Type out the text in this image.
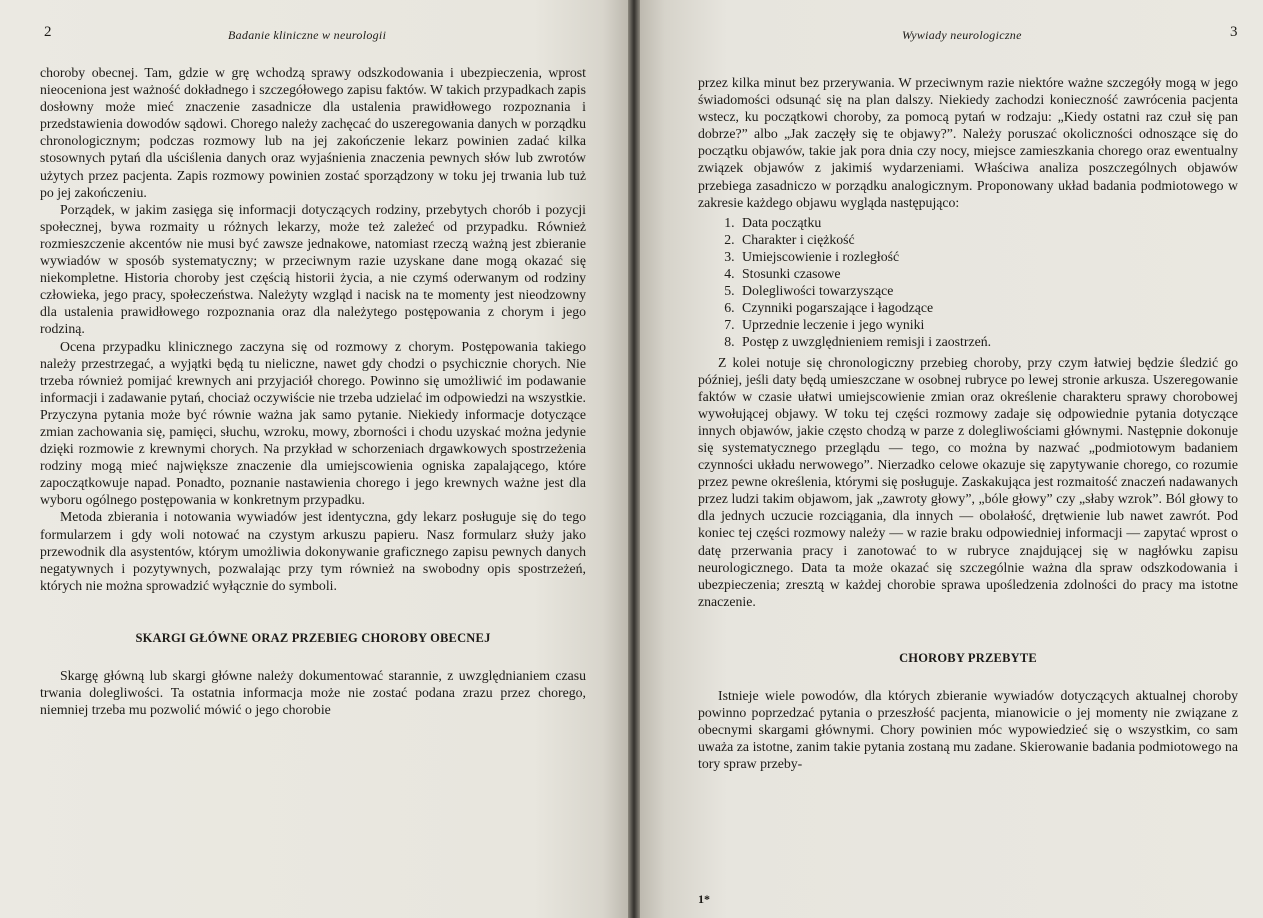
2	Badanie kliniczne w neurologii

choroby obecnej. Tam, gdzie w grę wchodzą sprawy odszkodowania i ubezpieczenia, wprost nieoceniona jest ważność dokładnego i szczegółowego zapisu faktów. W takich przypadkach zapis dosłowny może mieć znaczenie zasadnicze dla ustalenia prawidłowego rozpoznania i przedstawienia dowodów sądowi. Chorego należy zachęcać do uszeregowania danych w porządku chronologicznym; podczas rozmowy lub na jej zakończenie lekarz powinien zadać kilka stosownych pytań dla uściślenia danych oraz wyjaśnienia znaczenia pewnych słów lub zwrotów użytych przez pacjenta. Zapis rozmowy powinien zostać sporządzony w toku jej trwania lub tuż po jej zakończeniu.

Porządek, w jakim zasięga się informacji dotyczących rodziny, przebytych chorób i pozycji społecznej, bywa rozmaity u różnych lekarzy, może też zależeć od przypadku. Również rozmieszczenie akcentów nie musi być zawsze jednakowe, natomiast rzeczą ważną jest zbieranie wywiadów w sposób systematyczny; w przeciwnym razie uzyskane dane mogą okazać się niekompletne. Historia choroby jest częścią historii życia, a nie czymś oderwanym od rodziny człowieka, jego pracy, społeczeństwa. Należyty wzgląd i nacisk na te momenty jest nieodzowny dla ustalenia prawidłowego rozpoznania oraz dla należytego postępowania z chorym i jego rodziną.

Ocena przypadku klinicznego zaczyna się od rozmowy z chorym. Postępowania takiego należy przestrzegać, a wyjątki będą tu nieliczne, nawet gdy chodzi o psychicznie chorych. Nie trzeba również pomijać krewnych ani przyjaciół chorego. Powinno się umożliwić im podawanie informacji i zadawanie pytań, chociaż oczywiście nie trzeba udzielać im odpowiedzi na wszystkie. Przyczyna pytania może być równie ważna jak samo pytanie. Niekiedy informacje dotyczące zmian zachowania się, pamięci, słuchu, wzroku, mowy, zborności i chodu uzyskać można jedynie dzięki rozmowie z krewnymi chorych. Na przykład w schorzeniach drgawkowych spostrzeżenia rodziny mogą mieć największe znaczenie dla umiejscowienia ogniska zapalającego, które zapoczątkowuje napad. Ponadto, poznanie nastawienia chorego i jego krewnych ważne jest dla wyboru ogólnego postępowania w konkretnym przypadku.

Metoda zbierania i notowania wywiadów jest identyczna, gdy lekarz posługuje się do tego formularzem i gdy woli notować na czystym arkuszu papieru. Nasz formularz służy jako przewodnik dla asystentów, którym umożliwia dokonywanie graficznego zapisu pewnych danych negatywnych i pozytywnych, pozwalając przy tym również na swobodny opis spostrzeżeń, których nie można sprowadzić wyłącznie do symboli.

SKARGI GŁÓWNE ORAZ PRZEBIEG CHOROBY OBECNEJ

Skargę główną lub skargi główne należy dokumentować starannie, z uwzględnianiem czasu trwania dolegliwości. Ta ostatnia informacja może nie zostać podana zrazu przez chorego, niemniej trzeba mu pozwolić mówić o jego chorobie

Wywiady neurologiczne	3

przez kilka minut bez przerywania. W przeciwnym razie niektóre ważne szczegóły mogą w jego świadomości odsunąć się na plan dalszy. Niekiedy zachodzi konieczność zawrócenia pacjenta wstecz, ku początkowi choroby, za pomocą pytań w rodzaju: „Kiedy ostatni raz czuł się pan dobrze?” albo „Jak zaczęły się te objawy?”. Należy poruszać okoliczności odnoszące się do początku objawów, takie jak pora dnia czy nocy, miejsce zamieszkania chorego oraz ewentualny związek objawów z jakimiś wydarzeniami. Właściwa analiza poszczególnych objawów przebiega zasadniczo w porządku analogicznym. Proponowany układ badania podmiotowego w zakresie każdego objawu wygląda następująco:

1. Data początku
2. Charakter i ciężkość
3. Umiejscowienie i rozległość
4. Stosunki czasowe
5. Dolegliwości towarzyszące
6. Czynniki pogarszające i łagodzące
7. Uprzednie leczenie i jego wyniki
8. Postęp z uwzględnieniem remisji i zaostrzeń.

Z kolei notuje się chronologiczny przebieg choroby, przy czym łatwiej będzie śledzić go później, jeśli daty będą umieszczane w osobnej rubryce po lewej stronie arkusza. Uszeregowanie faktów w czasie ułatwi umiejscowienie zmian oraz określenie charakteru sprawy chorobowej wywołującej objawy. W toku tej części rozmowy zadaje się odpowiednie pytania dotyczące innych objawów, jakie często chodzą w parze z dolegliwościami głównymi. Następnie dokonuje się systematycznego przeglądu — tego, co można by nazwać „podmiotowym badaniem czynności układu nerwowego”. Nierzadko celowe okazuje się zapytywanie chorego, co rozumie przez pewne określenia, którymi się posługuje. Zaskakująca jest rozmaitość znaczeń nadawanych przez ludzi takim objawom, jak „zawroty głowy”, „bóle głowy” czy „słaby wzrok”. Ból głowy to dla jednych uczucie rozciągania, dla innych — obolałość, drętwienie lub nawet zawrót. Pod koniec tej części rozmowy należy — w razie braku odpowiedniej informacji — zapytać wprost o datę przerwania pracy i zanotować to w rubryce znajdującej się w nagłówku zapisu neurologicznego. Data ta może okazać się szczególnie ważna dla spraw odszkodowania i ubezpieczenia; zresztą w każdej chorobie sprawa upośledzenia zdolności do pracy ma istotne znaczenie.

CHOROBY PRZEBYTE

Istnieje wiele powodów, dla których zbieranie wywiadów dotyczących aktualnej choroby powinno poprzedzać pytania o przeszłość pacjenta, mianowicie o jej momenty nie związane z obecnymi skargami głównymi. Chory powinien móc wypowiedzieć się o wszystkim, co sam uważa za istotne, zanim takie pytania zostaną mu zadane. Skierowanie badania podmiotowego na tory spraw przeby-

1*
